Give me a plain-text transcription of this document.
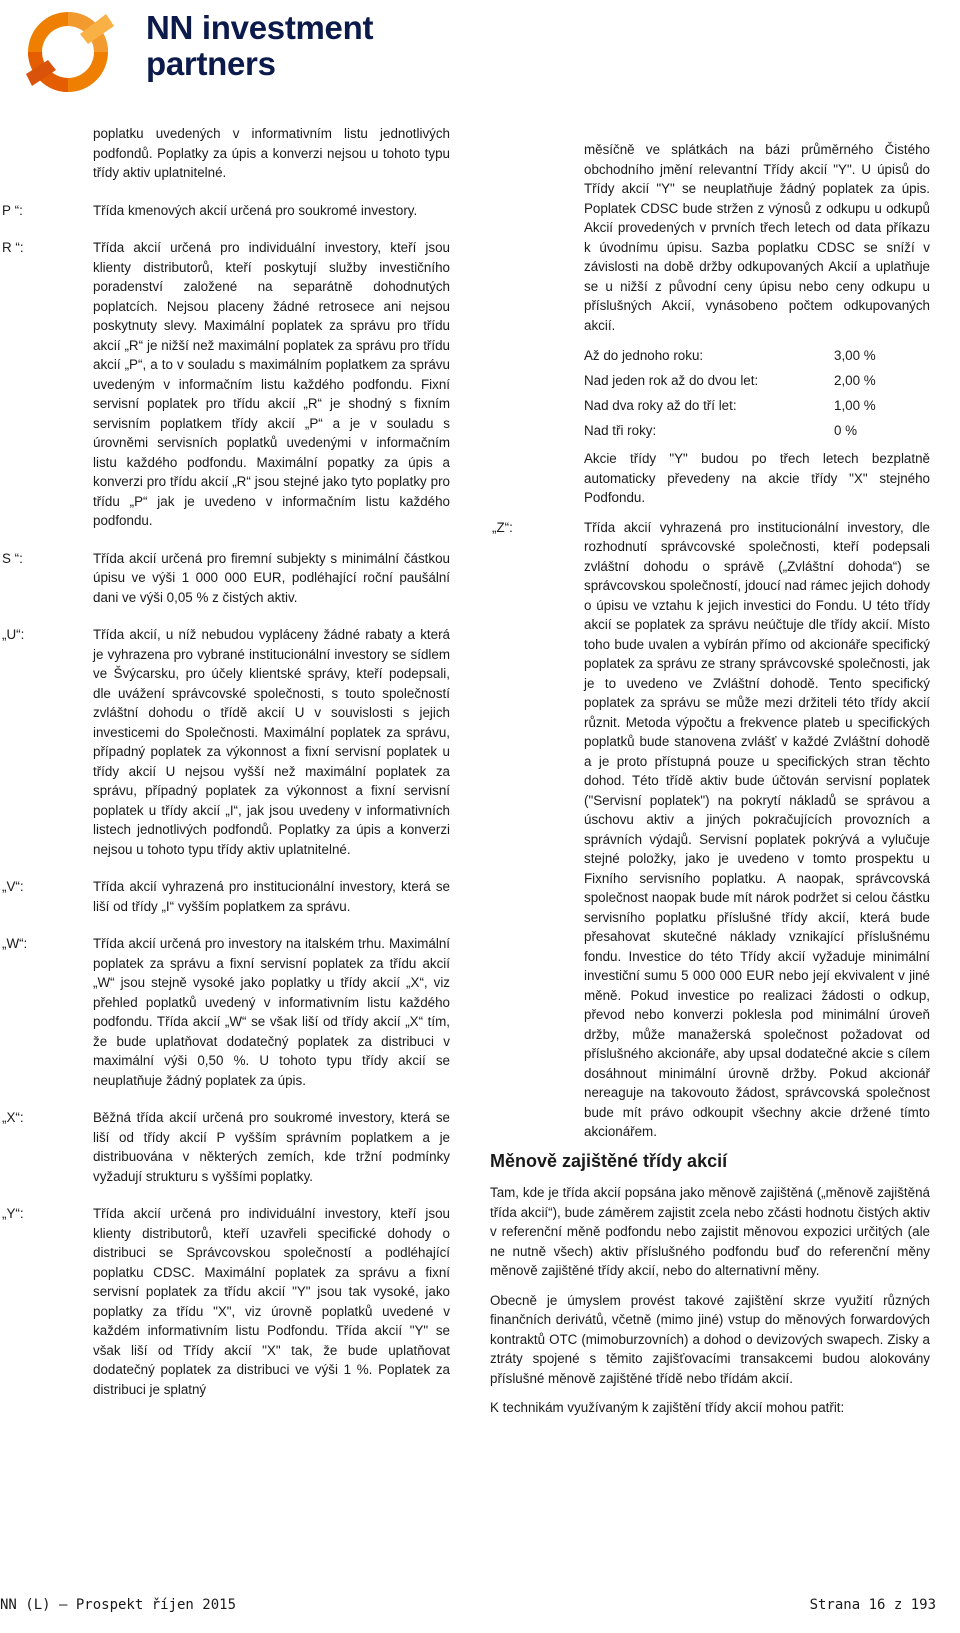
NN investment
partners
poplatku uvedených v informativním listu jednotlivých podfondů. Poplatky za úpis a konverzi nejsou u tohoto typu třídy aktiv uplatnitelné.
P “:	Třída kmenových akcií určená pro soukromé investory.
R “:	Třída akcií určená pro individuální investory, kteří jsou klienty distributorů, kteří poskytují služby investičního poradenství založené na separátně dohodnutých poplatcích. Nejsou placeny žádné retrosece ani nejsou poskytnuty slevy. Maximální poplatek za správu pro třídu akcií „R“ je nižší než maximální poplatek za správu pro třídu akcií „P“, a to v souladu s maximálním poplatkem za správu uvedeným v informačním listu každého podfondu. Fixní servisní poplatek pro třídu akcií „R“ je shodný s fixním servisním poplatkem třídy akcií „P“ a je v souladu s úrovněmi servisních poplatků uvedenými v informačním listu každého podfondu. Maximální popatky za úpis a konverzi pro třídu akcií „R“ jsou stejné jako tyto poplatky pro třídu „P“ jak je uvedeno v informačním listu každého podfondu.
S “:	Třída akcií určená pro firemní subjekty s minimální částkou úpisu ve výši 1 000 000 EUR, podléhající roční paušální dani ve výši 0,05 % z čistých aktiv.
„U“:	Třída akcií, u níž nebudou vypláceny žádné rabaty a která je vyhrazena pro vybrané institucionální investory se sídlem ve Švýcarsku, pro účely klientské správy, kteří podepsali, dle uvážení správcovské společnosti, s touto společností zvláštní dohodu o třídě akcií U v souvislosti s jejich investicemi do Společnosti. Maximální poplatek za správu, případný poplatek za výkonnost a fixní servisní poplatek u třídy akcií U nejsou vyšší než maximální poplatek za správu, případný poplatek za výkonnost a fixní servisní poplatek u třídy akcií „I“, jak jsou uvedeny v informativních listech jednotlivých podfondů. Poplatky za úpis a konverzi nejsou u tohoto typu třídy aktiv uplatnitelné.
„V“:	Třída akcií vyhrazená pro institucionální investory, která se liší od třídy „I“ vyšším poplatkem za správu.
„W“:	Třída akcií určená pro investory na italském trhu. Maximální poplatek za správu a fixní servisní poplatek za třídu akcií „W“ jsou stejně vysoké jako poplatky u třídy akcií „X“, viz přehled poplatků uvedený v informativním listu každého podfondu. Třída akcií „W“ se však liší od třídy akcií „X“ tím, že bude uplatňovat dodatečný poplatek za distribuci v maximální výši 0,50 %. U tohoto typu třídy akcií se neuplatňuje žádný poplatek za úpis.
„X“:	Běžná třída akcií určená pro soukromé investory, která se liší od třídy akcií P vyšším správním poplatkem a je distribuována v některých zemích, kde tržní podmínky vyžadují strukturu s vyššími poplatky.
„Y“:	Třída akcií určená pro individuální investory, kteří jsou klienty distributorů, kteří uzavřeli specifické dohody o distribuci se Správcovskou společností a podléhající poplatku CDSC. Maximální poplatek za správu a fixní servisní poplatek za třídu akcií "Y" jsou tak vysoké, jako poplatky za třídu "X", viz úrovně poplatků uvedené v každém informativním listu Podfondu. Třída akcií "Y" se však liší od Třídy akcií "X" tak, že bude uplatňovat dodatečný poplatek za distribuci ve výši 1 %. Poplatek za distribuci je splatný

měsíčně ve splátkách na bázi průměrného Čistého obchodního jmění relevantní Třídy akcií "Y". U úpisů do Třídy akcií "Y" se neuplatňuje žádný poplatek za úpis. Poplatek CDSC bude stržen z výnosů z odkupu u odkupů Akcií provedených v prvních třech letech od data příkazu k úvodnímu úpisu. Sazba poplatku CDSC se sníží v závislosti na době držby odkupovaných Akcií a uplatňuje se u nižší z původní ceny úpisu nebo ceny odkupu u příslušných Akcií, vynásobeno počtem odkupovaných akcií.

Až do jednoho roku:	3,00 %
Nad jeden rok až do dvou let:	2,00 %
Nad dva roky až do tří let:	1,00 %
Nad tři roky:	0 %

Akcie třídy "Y" budou po třech letech bezplatně automaticky převedeny na akcie třídy "X" stejného Podfondu.

„Z“:	Třída akcií vyhrazená pro institucionální investory, dle rozhodnutí správcovské společnosti, kteří podepsali zvláštní dohodu o správě („Zvláštní dohoda“) se správcovskou společností, jdoucí nad rámec jejich dohody o úpisu ve vztahu k jejich investici do Fondu. U této třídy akcií se poplatek za správu neúčtuje dle třídy akcií. Místo toho bude uvalen a vybírán přímo od akcionáře specifický poplatek za správu ze strany správcovské společnosti, jak je to uvedeno ve Zvláštní dohodě. Tento specifický poplatek za správu se může mezi držiteli této třídy akcií různit. Metoda výpočtu a frekvence plateb u specifických poplatků bude stanovena zvlášť v každé Zvláštní dohodě a je proto přístupná pouze u specifických stran těchto dohod. Této třídě aktiv bude účtován servisní poplatek ("Servisní poplatek") na pokrytí nákladů se správou a úschovu aktiv a jiných pokračujících provozních a správních výdajů. Servisní poplatek pokrývá a vylučuje stejné položky, jako je uvedeno v tomto prospektu u Fixního servisního poplatku. A naopak, správcovská společnost naopak bude mít nárok podržet si celou částku servisního poplatku příslušné třídy akcií, která bude přesahovat skutečné náklady vznikající příslušnému fondu. Investice do této Třídy akcií vyžaduje minimální investiční sumu 5 000 000 EUR nebo její ekvivalent v jiné měně. Pokud investice po realizaci žádosti o odkup, převod nebo konverzi poklesla pod minimální úroveň držby, může manažerská společnost požadovat od příslušného akcionáře, aby upsal dodatečné akcie s cílem dosáhnout minimální úrovně držby. Pokud akcionář nereaguje na takovouto žádost, správcovská společnost bude mít právo odkoupit všechny akcie držené tímto akcionářem.
Měnově zajištěné třídy akcií

Tam, kde je třída akcií popsána jako měnově zajištěná („měnově zajištěná třída akcií“), bude záměrem zajistit zcela nebo zčásti hodnotu čistých aktiv v referenční měně podfondu nebo zajistit měnovou expozici určitých (ale ne nutně všech) aktiv příslušného podfondu buď do referenční měny měnově zajištěné třídy akcií, nebo do alternativní měny.

Obecně je úmyslem provést takové zajištění skrze využití různých finančních derivátů, včetně (mimo jiné) vstup do měnových forwardových kontraktů OTC (mimoburzovních) a dohod o devizových swapech. Zisky a ztráty spojené s těmito zajišťovacími transakcemi budou alokovány příslušné měnově zajištěné třídě nebo třídám akcií.

K technikám využívaným k zajištění třídy akcií mohou patřit:

NN (L) – Prospekt říjen 2015	Strana 16 z 193
